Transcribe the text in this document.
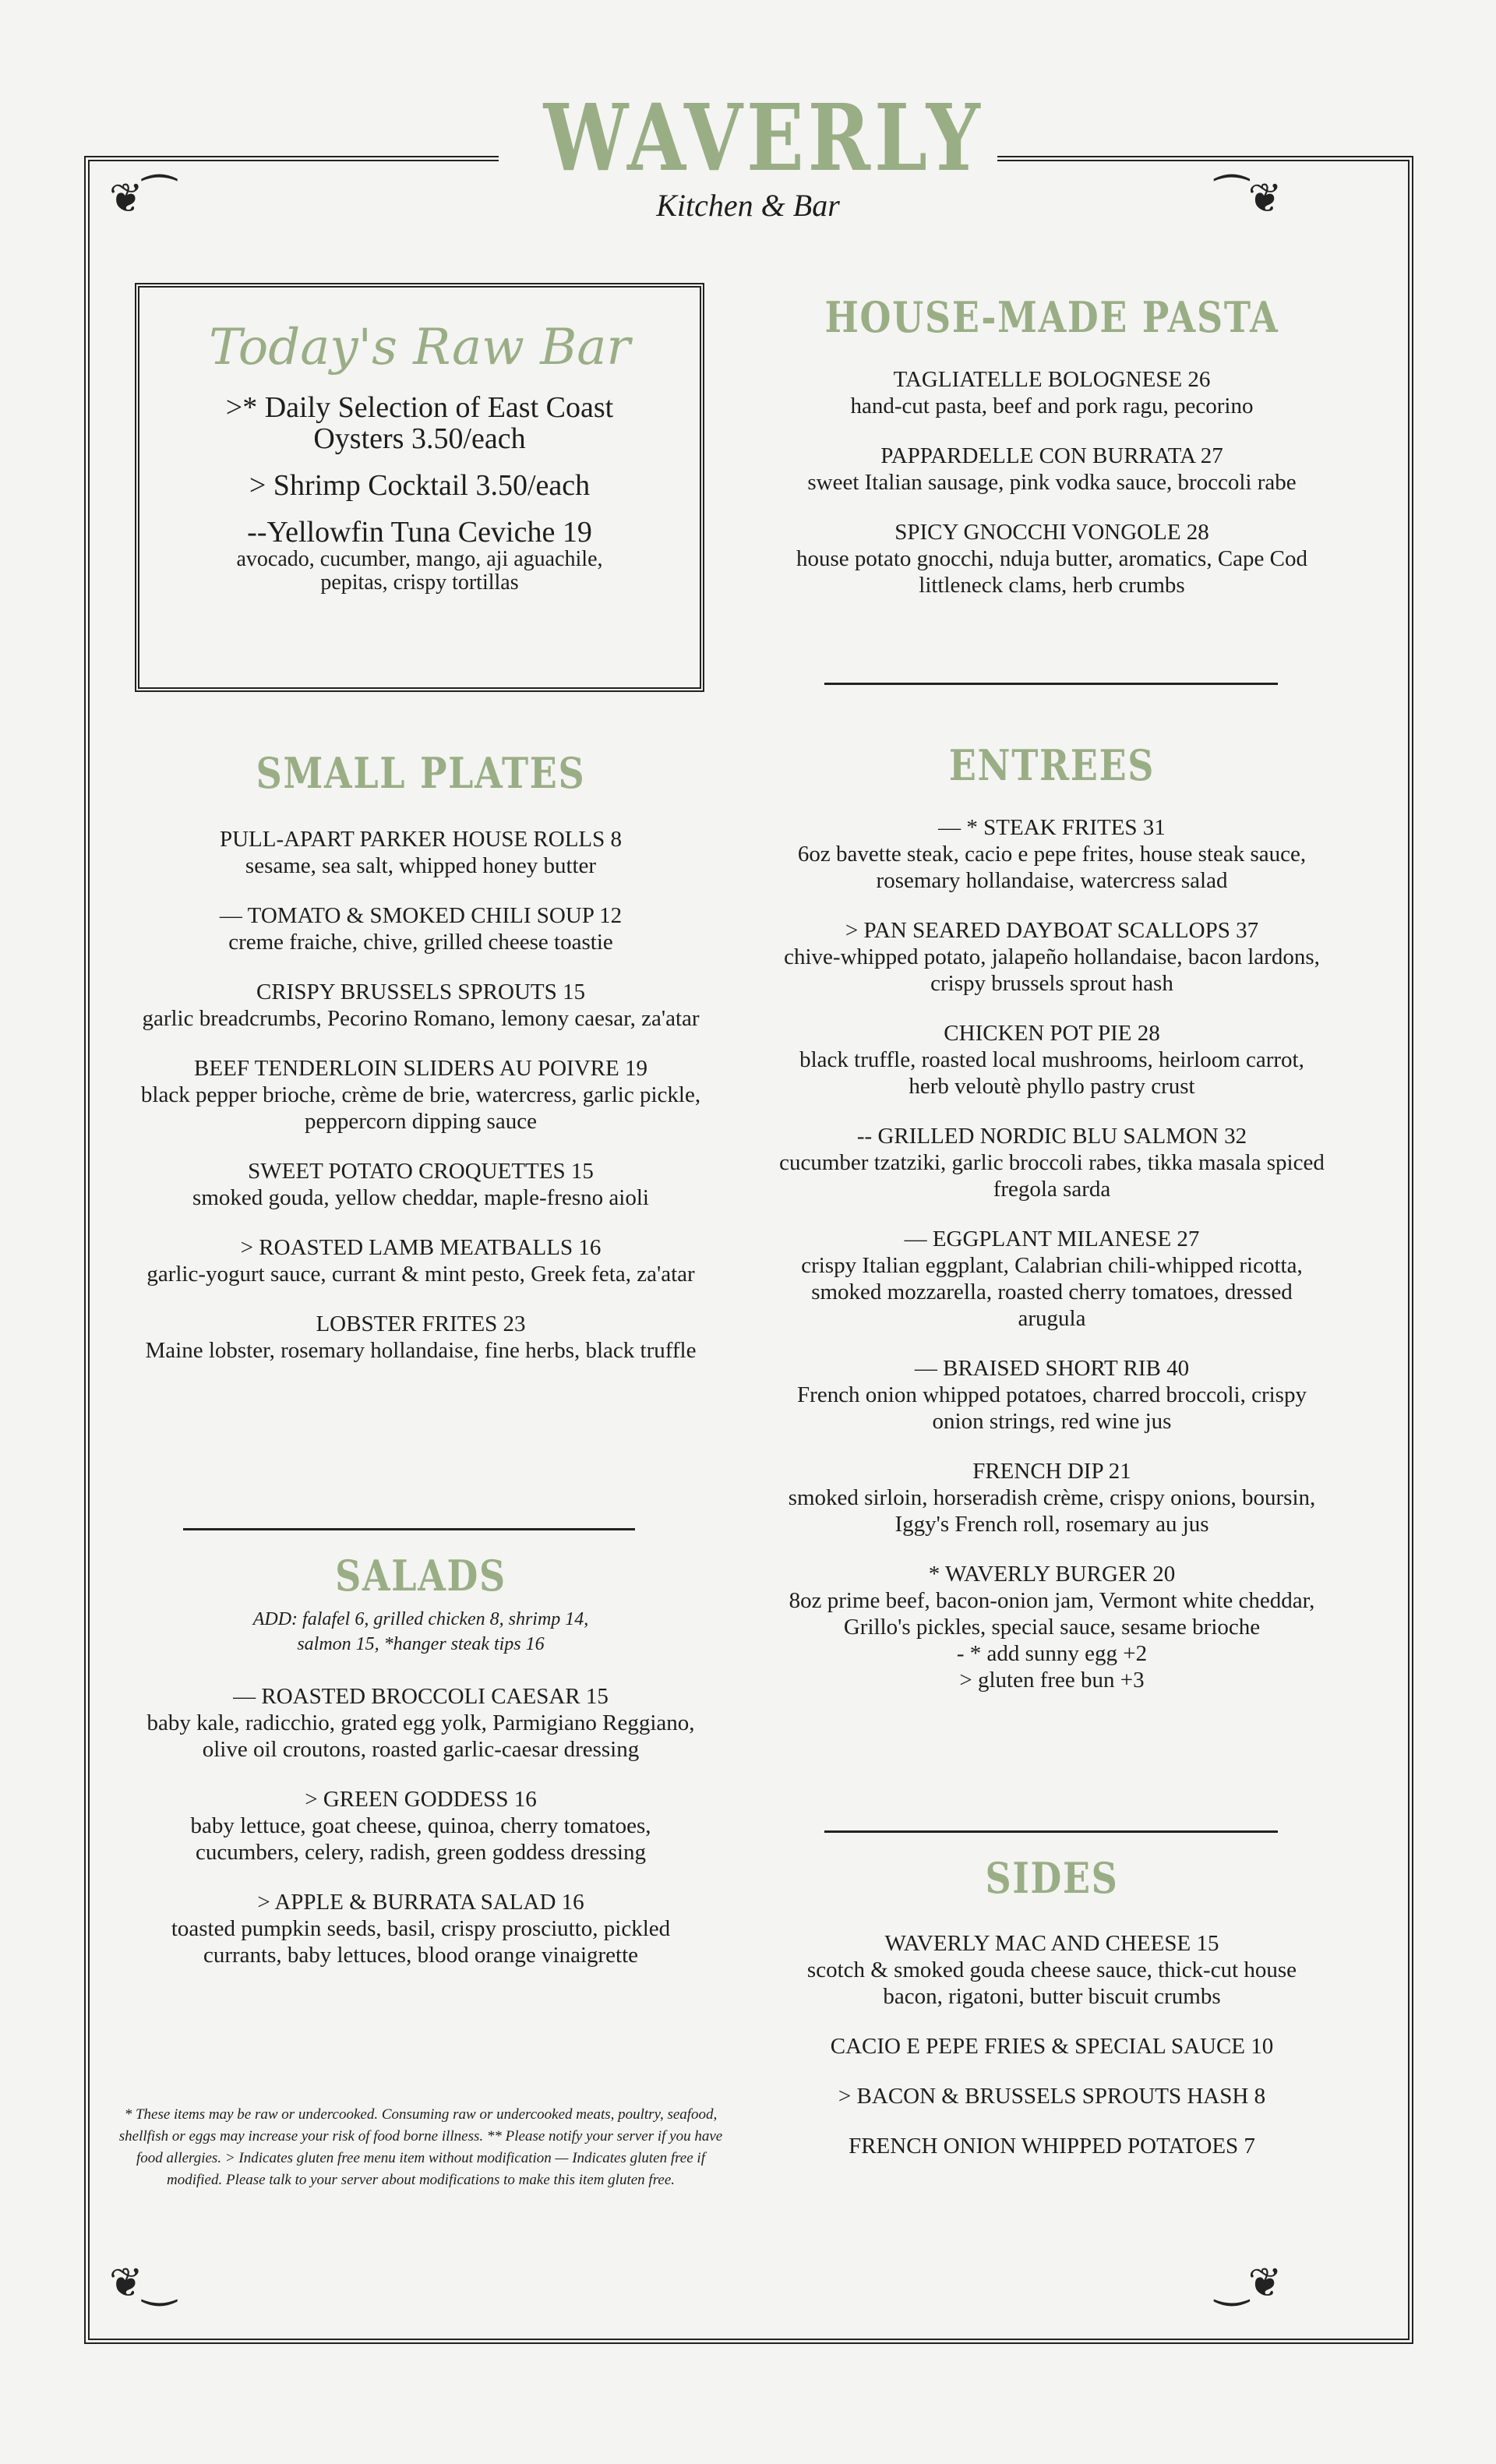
❦⁀	⁀❦
❦‿	‿❦
WAVERLY
Kitchen & Bar
Today's Raw Bar
>* Daily Selection of East Coast Oysters 3.50/each
> Shrimp Cocktail 3.50/each
--Yellowfin Tuna Ceviche 19
avocado, cucumber, mango, aji aguachile, pepitas, crispy tortillas
SMALL PLATES
PULL-APART PARKER HOUSE ROLLS 8
sesame, sea salt, whipped honey butter
— TOMATO & SMOKED CHILI SOUP 12
creme fraiche, chive, grilled cheese toastie
CRISPY BRUSSELS SPROUTS 15
garlic breadcrumbs, Pecorino Romano, lemony caesar, za'atar
BEEF TENDERLOIN SLIDERS AU POIVRE 19
black pepper brioche, crème de brie, watercress, garlic pickle, peppercorn dipping sauce
SWEET POTATO CROQUETTES 15
smoked gouda, yellow cheddar, maple-fresno aioli
> ROASTED LAMB MEATBALLS 16
garlic-yogurt sauce, currant & mint pesto, Greek feta, za'atar
LOBSTER FRITES 23
Maine lobster, rosemary hollandaise, fine herbs, black truffle
SALADS
ADD: falafel 6, grilled chicken 8, shrimp 14, salmon 15, *hanger steak tips 16
— ROASTED BROCCOLI CAESAR 15
baby kale, radicchio, grated egg yolk, Parmigiano Reggiano, olive oil croutons, roasted garlic-caesar dressing
> GREEN GODDESS 16
baby lettuce, goat cheese, quinoa, cherry tomatoes, cucumbers, celery, radish, green goddess dressing
> APPLE & BURRATA SALAD 16
toasted pumpkin seeds, basil, crispy prosciutto, pickled currants, baby lettuces, blood orange vinaigrette
* These items may be raw or undercooked. Consuming raw or undercooked meats, poultry, seafood, shellfish or eggs may increase your risk of food borne illness. ** Please notify your server if you have food allergies. > Indicates gluten free menu item without modification — Indicates gluten free if modified. Please talk to your server about modifications to make this item gluten free.
HOUSE-MADE PASTA
TAGLIATELLE BOLOGNESE 26
hand-cut pasta, beef and pork ragu, pecorino
PAPPARDELLE CON BURRATA 27
sweet Italian sausage, pink vodka sauce, broccoli rabe
SPICY GNOCCHI VONGOLE 28
house potato gnocchi, nduja butter, aromatics, Cape Cod littleneck clams, herb crumbs
ENTREES
— * STEAK FRITES 31
6oz bavette steak, cacio e pepe frites, house steak sauce, rosemary hollandaise, watercress salad
> PAN SEARED DAYBOAT SCALLOPS 37
chive-whipped potato, jalapeño hollandaise, bacon lardons, crispy brussels sprout hash
CHICKEN POT PIE 28
black truffle, roasted local mushrooms, heirloom carrot, herb veloutè phyllo pastry crust
-- GRILLED NORDIC BLU SALMON 32
cucumber tzatziki, garlic broccoli rabes, tikka masala spiced fregola sarda
— EGGPLANT MILANESE 27
crispy Italian eggplant, Calabrian chili-whipped ricotta, smoked mozzarella, roasted cherry tomatoes, dressed arugula
— BRAISED SHORT RIB 40
French onion whipped potatoes, charred broccoli, crispy onion strings, red wine jus
FRENCH DIP 21
smoked sirloin, horseradish crème, crispy onions, boursin, Iggy's French roll, rosemary au jus
* WAVERLY BURGER 20
8oz prime beef, bacon-onion jam, Vermont white cheddar, Grillo's pickles, special sauce, sesame brioche
- * add sunny egg +2
> gluten free bun +3
SIDES
WAVERLY MAC AND CHEESE 15
scotch & smoked gouda cheese sauce, thick-cut house bacon, rigatoni, butter biscuit crumbs
CACIO E PEPE FRIES & SPECIAL SAUCE 10
> BACON & BRUSSELS SPROUTS HASH 8
FRENCH ONION WHIPPED POTATOES 7
